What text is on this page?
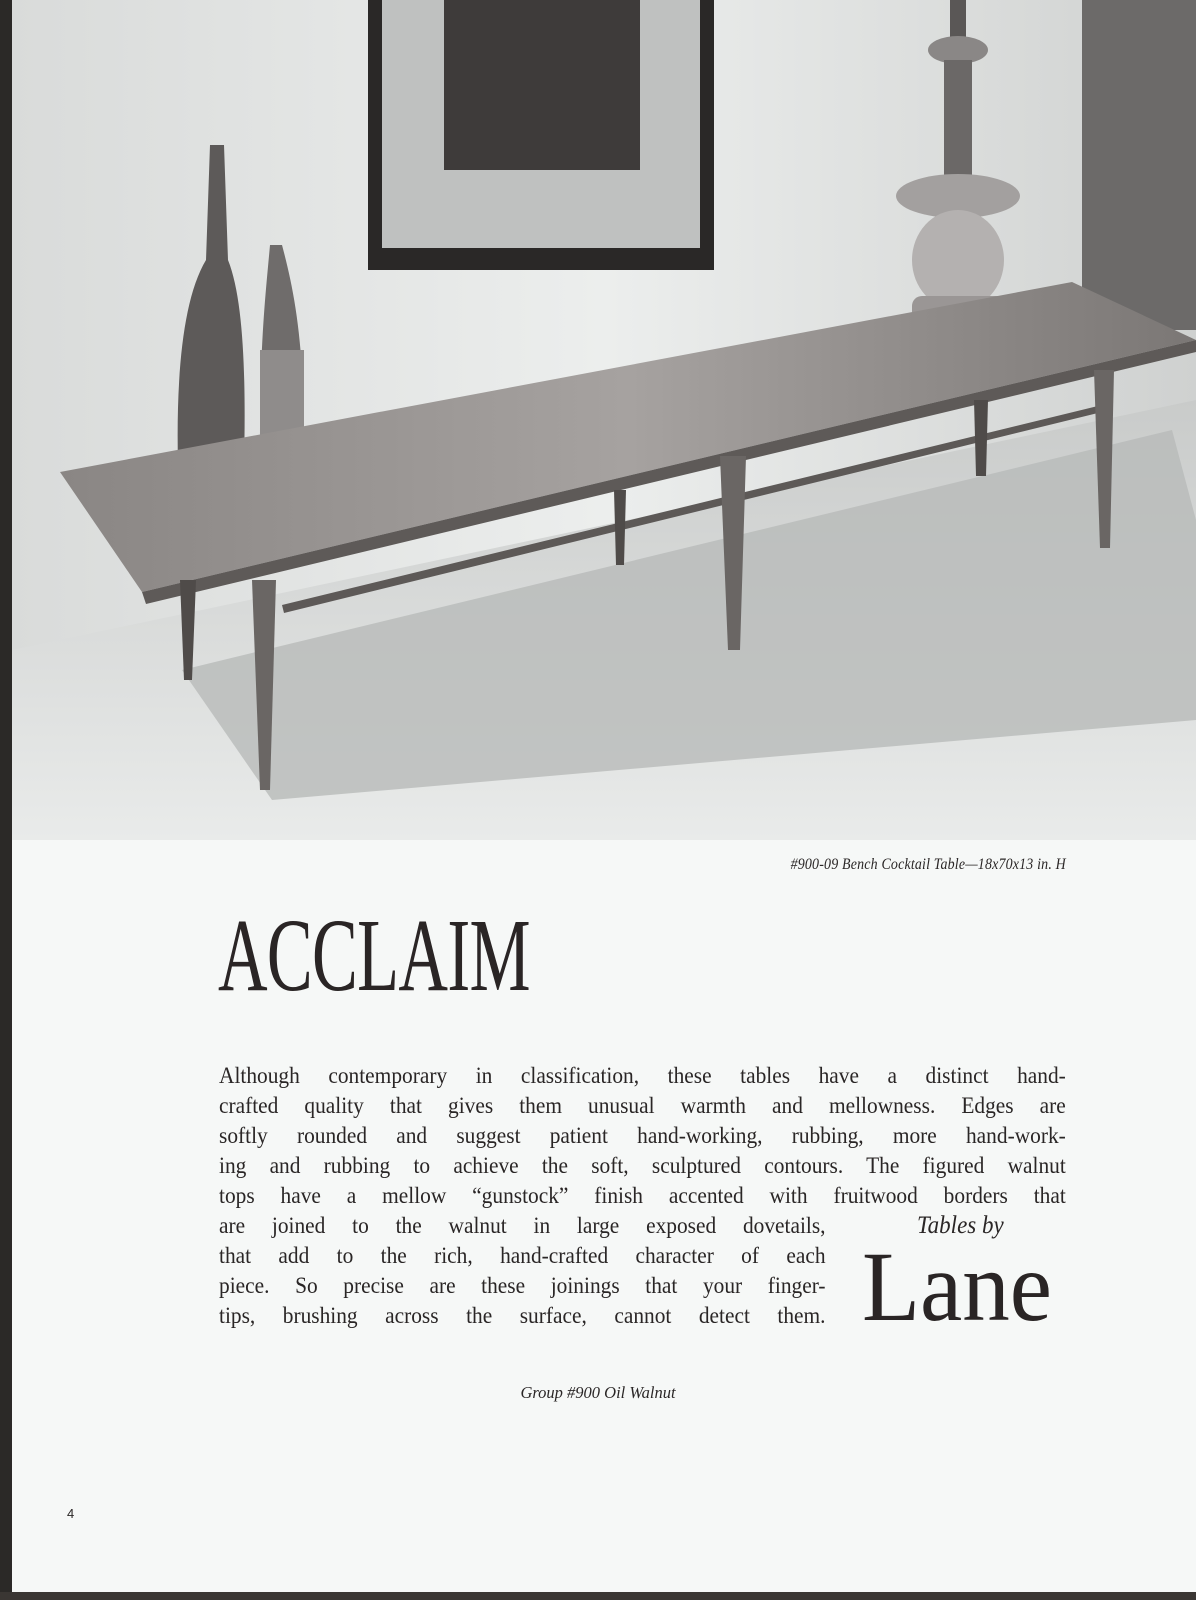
#900-09 Bench Cocktail Table—18x70x13 in. H
ACCLAIM
Although contemporary in classification, these tables have a distinct hand-
crafted quality that gives them unusual warmth and mellowness. Edges are
softly rounded and suggest patient hand-working, rubbing, more hand-work-
ing and rubbing to achieve the soft, sculptured contours. The figured walnut
tops have a mellow “gunstock” finish accented with fruitwood borders that
are joined to the walnut in large exposed dovetails,
that add to the rich, hand-crafted character of each
piece. So precise are these joinings that your finger-
tips, brushing across the surface, cannot detect them.
Tables by
Lane
Group #900 Oil Walnut
4
